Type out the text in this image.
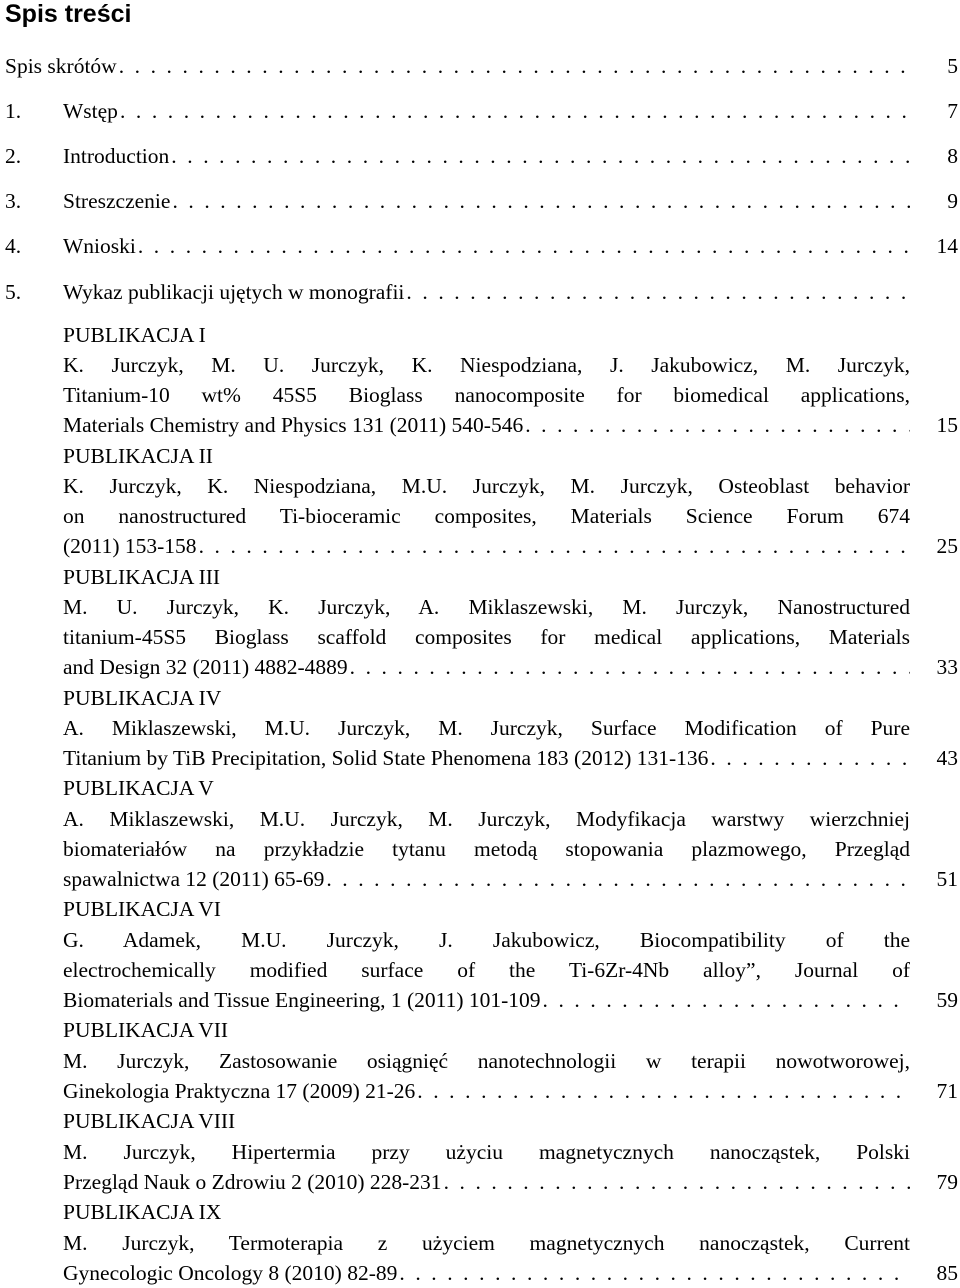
Spis treści
Spis skrótów . . .	5
1. Wstęp . . .	7
2. Introduction . . .	8
3. Streszczenie . . .	9
4. Wnioski . . .	14
5. Wykaz publikacji ujętych w monografii
. . .
PUBLIKACJA I
K. Jurczyk, M. U. Jurczyk, K. Niespodziana, J. Jakubowicz, M. Jurczyk,
Titanium-10 wt% 45S5 Bioglass nanocomposite for biomedical applications,
Materials Chemistry and Physics 131 (2011) 540-546 . . .	15
PUBLIKACJA II
K. Jurczyk, K. Niespodziana, M.U. Jurczyk, M. Jurczyk, Osteoblast behavior
on nanostructured Ti-bioceramic composites, Materials Science Forum 674
(2011) 153-158 . . .	25
PUBLIKACJA III
M. U. Jurczyk, K. Jurczyk, A. Miklaszewski, M. Jurczyk, Nanostructured
titanium-45S5 Bioglass scaffold composites for medical applications, Materials
and Design 32 (2011) 4882-4889 . . .	33
PUBLIKACJA IV
A. Miklaszewski, M.U. Jurczyk, M. Jurczyk, Surface Modification of Pure
Titanium by TiB Precipitation, Solid State Phenomena 183 (2012) 131-136 . . .	43
PUBLIKACJA V
A. Miklaszewski, M.U. Jurczyk, M. Jurczyk, Modyfikacja warstwy wierzchniej
biomateriałów na przykładzie tytanu metodą stopowania plazmowego, Przegląd
spawalnictwa 12 (2011) 65-69 . . .	51
PUBLIKACJA VI
G. Adamek, M.U. Jurczyk, J. Jakubowicz, Biocompatibility of the
electrochemically modified surface of the Ti-6Zr-4Nb alloy”, Journal of
Biomaterials and Tissue Engineering, 1 (2011) 101-109 . . .	59
PUBLIKACJA VII
M. Jurczyk, Zastosowanie osiągnięć nanotechnologii w terapii nowotworowej,
Ginekologia Praktyczna 17 (2009) 21-26 . . .	71
PUBLIKACJA VIII
M. Jurczyk, Hipertermia przy użyciu magnetycznych nanocząstek, Polski
Przegląd Nauk o Zdrowiu 2 (2010) 228-231 . . .	79
PUBLIKACJA IX
M. Jurczyk, Termoterapia z użyciem magnetycznych nanocząstek, Current
Gynecologic Oncology 8 (2010) 82-89 . . .	85
